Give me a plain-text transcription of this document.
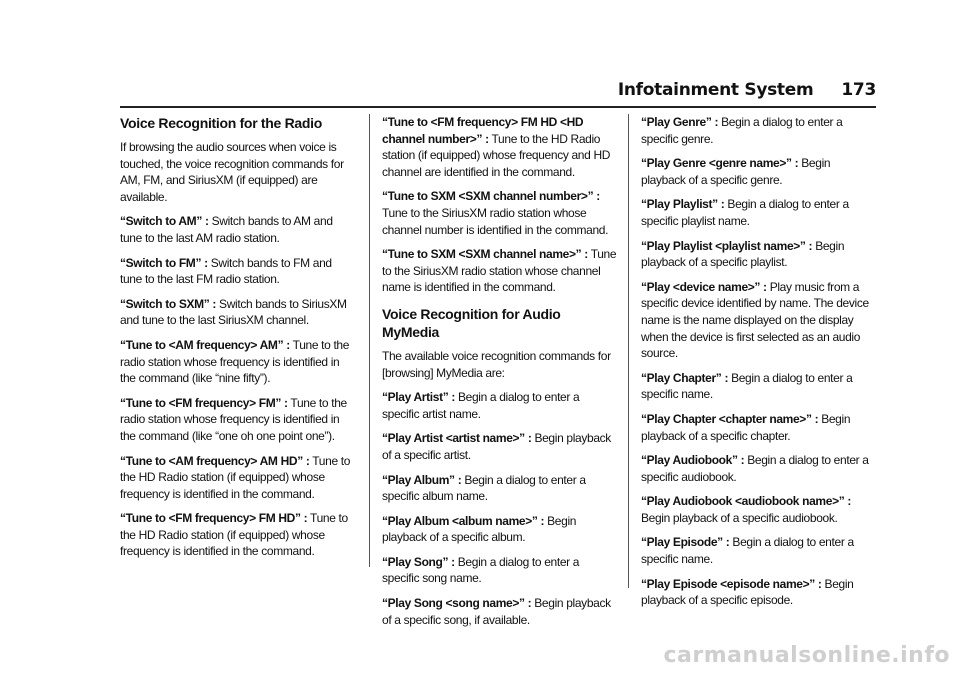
Infotainment System 173
Voice Recognition for the Radio

If browsing the audio sources when voice is touched, the voice recognition commands for AM, FM, and SiriusXM (if equipped) are available.

“Switch to AM” : Switch bands to AM and tune to the last AM radio station.

“Switch to FM” : Switch bands to FM and tune to the last FM radio station.

“Switch to SXM” : Switch bands to SiriusXM and tune to the last SiriusXM channel.

“Tune to <AM frequency> AM” : Tune to the radio station whose frequency is identified in the command (like “nine fifty”).

“Tune to <FM frequency> FM” : Tune to the radio station whose frequency is identified in the command (like “one oh one point one”).

“Tune to <AM frequency> AM HD” : Tune to the HD Radio station (if equipped) whose frequency is identified in the command.

“Tune to <FM frequency> FM HD” : Tune to the HD Radio station (if equipped) whose frequency is identified in the command.

“Tune to <FM frequency> FM HD <HD channel number>” : Tune to the HD Radio station (if equipped) whose frequency and HD channel are identified in the command.

“Tune to SXM <SXM channel number>” : Tune to the SiriusXM radio station whose channel number is identified in the command.

“Tune to SXM <SXM channel name>” : Tune to the SiriusXM radio station whose channel name is identified in the command.

Voice Recognition for Audio MyMedia

The available voice recognition commands for [browsing] MyMedia are:

“Play Artist” : Begin a dialog to enter a specific artist name.

“Play Artist <artist name>” : Begin playback of a specific artist.

“Play Album” : Begin a dialog to enter a specific album name.

“Play Album <album name>” : Begin playback of a specific album.

“Play Song” : Begin a dialog to enter a specific song name.

“Play Song <song name>” : Begin playback of a specific song, if available.

“Play Genre” : Begin a dialog to enter a specific genre.

“Play Genre <genre name>” : Begin playback of a specific genre.

“Play Playlist” : Begin a dialog to enter a specific playlist name.

“Play Playlist <playlist name>” : Begin playback of a specific playlist.

“Play <device name>” : Play music from a specific device identified by name. The device name is the name displayed on the display when the device is first selected as an audio source.

“Play Chapter” : Begin a dialog to enter a specific name.

“Play Chapter <chapter name>” : Begin playback of a specific chapter.

“Play Audiobook” : Begin a dialog to enter a specific audiobook.

“Play Audiobook <audiobook name>” : Begin playback of a specific audiobook.

“Play Episode” : Begin a dialog to enter a specific name.

“Play Episode <episode name>” : Begin playback of a specific episode.

carmanualsonline.info
